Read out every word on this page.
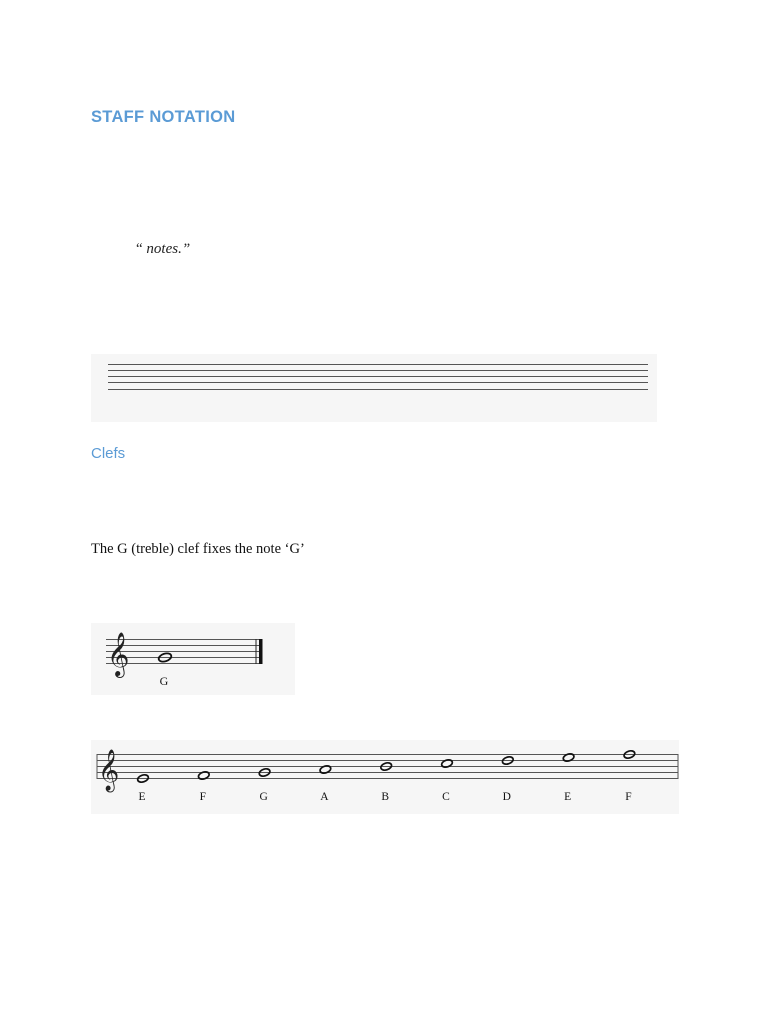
STAFF NOTATION
“ notes.”
Clefs
The G (treble) clef fixes the note ‘G’
𝄞
G
𝄞
E	F	G	A	B	C	D	E	F
